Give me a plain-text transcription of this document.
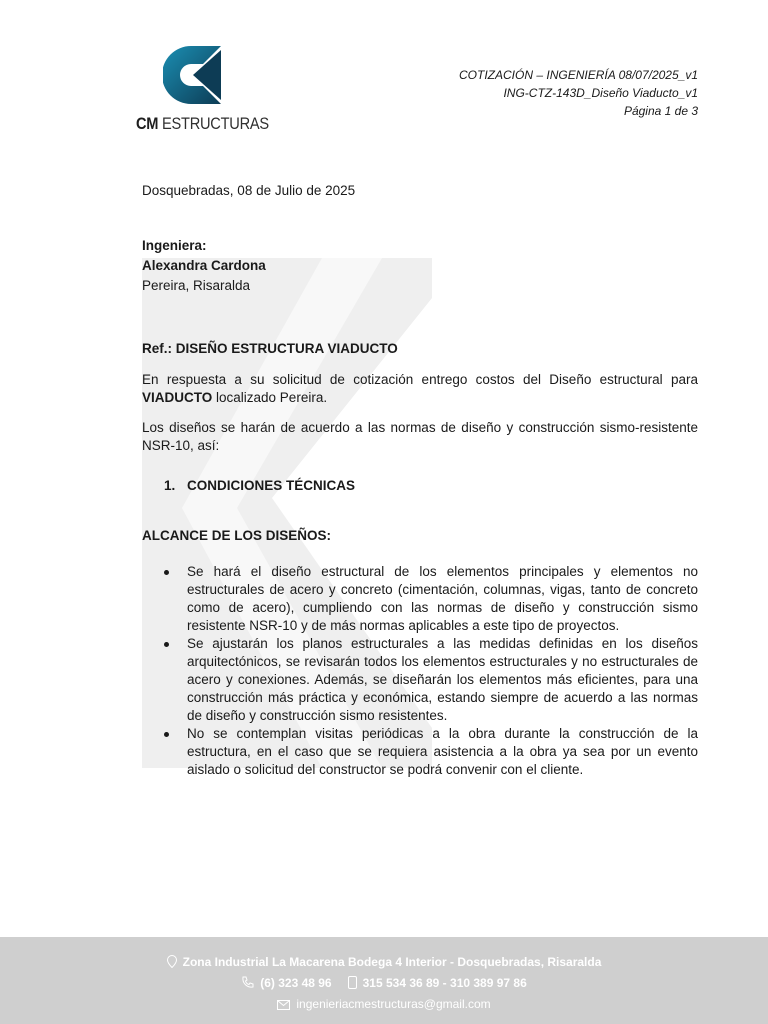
CM ESTRUCTURAS
COTIZACIÓN – INGENIERÍA 08/07/2025_v1
ING-CTZ-143D_Diseño Viaducto_v1
Página 1 de 3

Dosquebradas, 08 de Julio de 2025

Ingeniera:
Alexandra Cardona
Pereira, Risaralda

Ref.: DISEÑO ESTRUCTURA VIADUCTO

En respuesta a su solicitud de cotización entrego costos del Diseño estructural para VIADUCTO localizado Pereira.

Los diseños se harán de acuerdo a las normas de diseño y construcción sismo-resistente NSR-10, así:

1. CONDICIONES TÉCNICAS

ALCANCE DE LOS DISEÑOS:

Se hará el diseño estructural de los elementos principales y elementos no estructurales de acero y concreto (cimentación, columnas, vigas, tanto de concreto como de acero), cumpliendo con las normas de diseño y construcción sismo resistente NSR-10 y de más normas aplicables a este tipo de proyectos.
Se ajustarán los planos estructurales a las medidas definidas en los diseños arquitectónicos, se revisarán todos los elementos estructurales y no estructurales de acero y conexiones. Además, se diseñarán los elementos más eficientes, para una construcción más práctica y económica, estando siempre de acuerdo a las normas de diseño y construcción sismo resistentes.
No se contemplan visitas periódicas a la obra durante la construcción de la estructura, en el caso que se requiera asistencia a la obra ya sea por un evento aislado o solicitud del constructor se podrá convenir con el cliente.
Zona Industrial La Macarena Bodega 4 Interior - Dosquebradas, Risaralda
(6) 323 48 96	315 534 36 89 - 310 389 97 86
ingenieriacmestructuras@gmail.com
